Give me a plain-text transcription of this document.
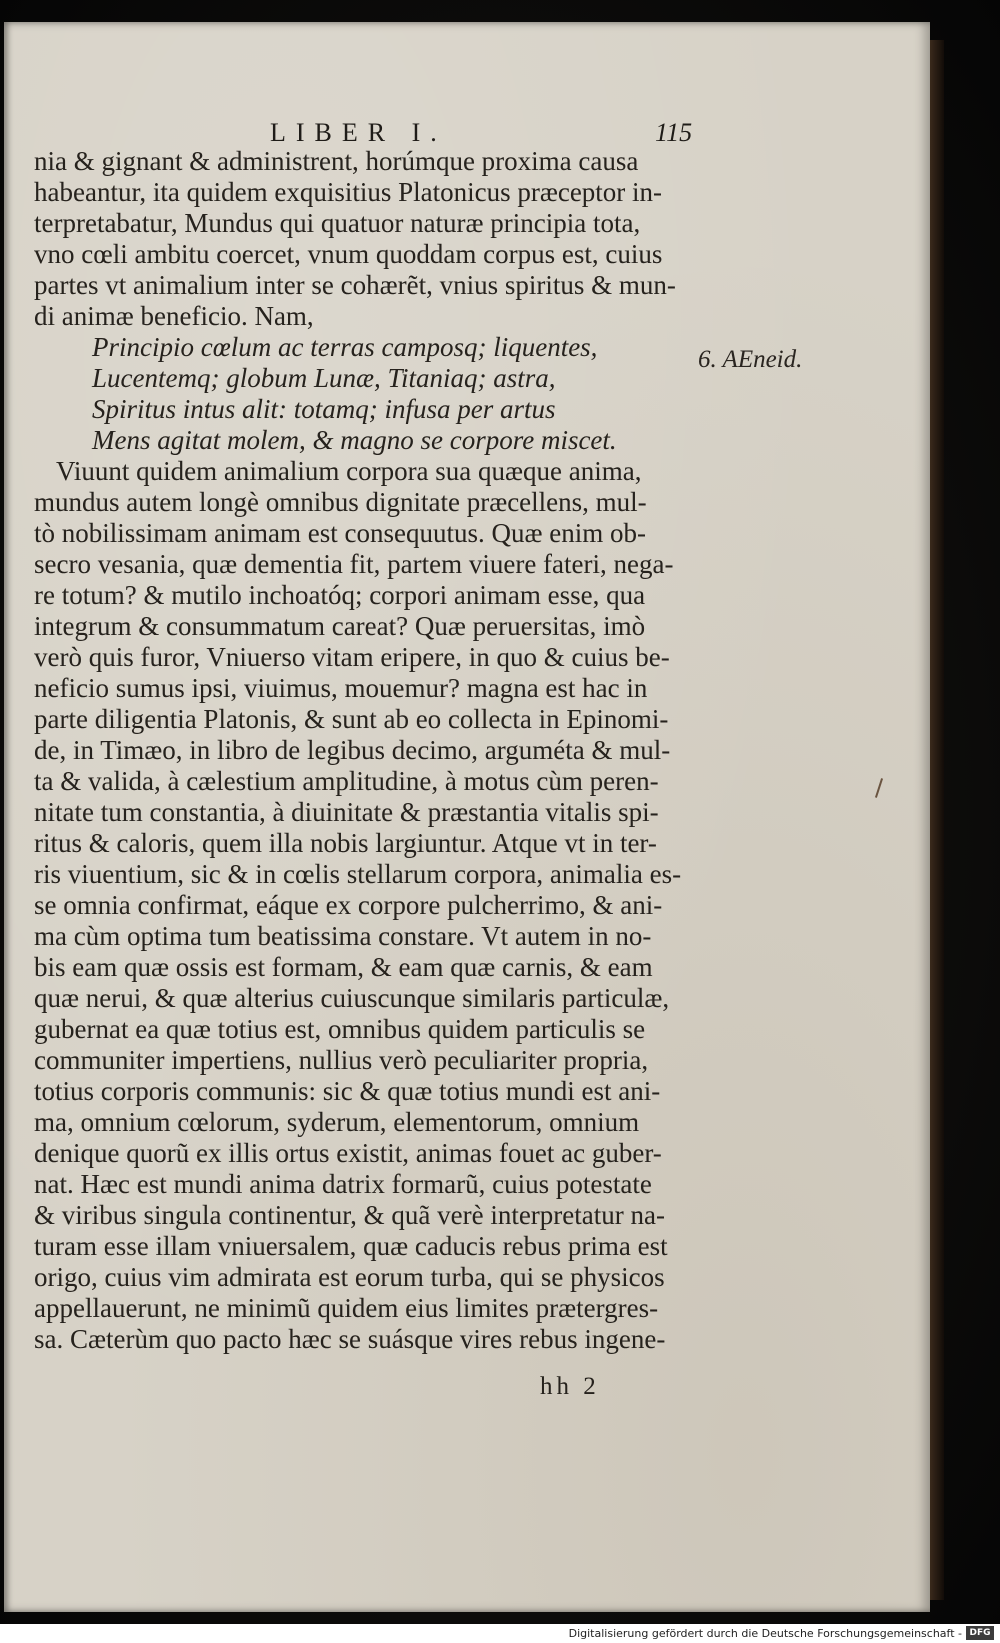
LIBER I.	115
nia & gignant & administrent, horúmque proxima causa
habeantur, ita quidem exquisitius Platonicus præceptor in-
terpretabatur, Mundus qui quatuor naturæ principia tota,
vno cœli ambitu coercet, vnum quoddam corpus est, cuius
partes vt animalium inter se cohærẽt, vnius spiritus & mun-
di animæ beneficio. Nam,
Principio cœlum ac terras camposq; liquentes,
Lucentemq; globum Lunæ, Titaniaq; astra,
Spiritus intus alit: totamq; infusa per artus
Mens agitat molem, & magno se corpore miscet.
Viuunt quidem animalium corpora sua quæque anima,
mundus autem longè omnibus dignitate præcellens, mul-
tò nobilissimam animam est consequutus. Quæ enim ob-
secro vesania, quæ dementia fit, partem viuere fateri, nega-
re totum? & mutilo inchoatóq; corpori animam esse, qua
integrum & consummatum careat? Quæ peruersitas, imò
verò quis furor, Vniuerso vitam eripere, in quo & cuius be-
neficio sumus ipsi, viuimus, mouemur? magna est hac in
parte diligentia Platonis, & sunt ab eo collecta in Epinomi-
de, in Timæo, in libro de legibus decimo, arguméta & mul-
ta & valida, à cælestium amplitudine, à motus cùm peren-
nitate tum constantia, à diuinitate & præstantia vitalis spi-
ritus & caloris, quem illa nobis largiuntur. Atque vt in ter-
ris viuentium, sic & in cœlis stellarum corpora, animalia es-
se omnia confirmat, eáque ex corpore pulcherrimo, & ani-
ma cùm optima tum beatissima constare. Vt autem in no-
bis eam quæ ossis est formam, & eam quæ carnis, & eam
quæ nerui, & quæ alterius cuiuscunque similaris particulæ,
gubernat ea quæ totius est, omnibus quidem particulis se
communiter impertiens, nullius verò peculiariter propria,
totius corporis communis: sic & quæ totius mundi est ani-
ma, omnium cœlorum, syderum, elementorum, omnium
denique quorũ ex illis ortus existit, animas fouet ac guber-
nat. Hæc est mundi anima datrix formarũ, cuius potestate
& viribus singula continentur, & quã verè interpretatur na-
turam esse illam vniuersalem, quæ caducis rebus prima est
origo, cuius vim admirata est eorum turba, qui se physicos
appellauerunt, ne minimũ quidem eius limites prætergres-
sa. Cæterùm quo pacto hæc se suásque vires rebus ingene-
6. AEneid.
hh 2
Digitalisierung gefördert durch die Deutsche Forschungsgemeinschaft - DFG
